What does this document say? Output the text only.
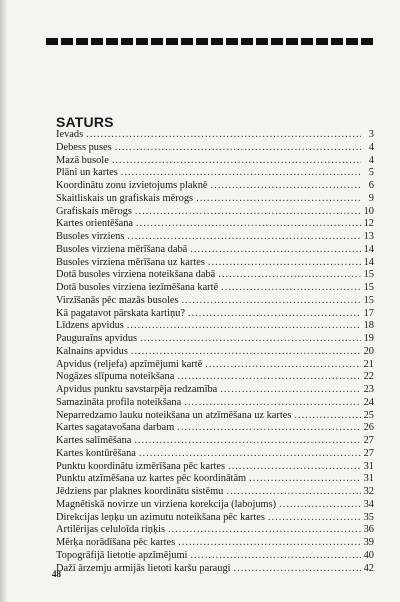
SATURS
Ievads .....	3
Debess puses .....	4
Mazā busole .....	4
Plāni un kartes .....	5
Koordinātu zonu izvietojums plaknē .....	6
Skaitliskais un grafiskais mērogs .....	9
Grafiskais mērogs .....	10
Kartes orientēšana .....	12
Busoles virziens .....	13
Busoles virziena mērīšana dabā .....	14
Busoles virziena mērīšana uz kartes .....	14
Dotā busoles virziena noteikšana dabā .....	15
Dotā busoles virziena iezīmēšana kartē .....	15
Virzīšanās pēc mazās busoles .....	15
Kā pagatavot pārskata kartiņu? .....	17
Līdzens apvidus .....	18
Pauguraīns apvidus .....	19
Kalnains apvidus .....	20
Apvidus (reljefa) apzīmējumi kartē .....	21
Nogāzes slīpuma noteikšana .....	22
Apvidus punktu savstarpēja redzamība .....	23
Samazināta profila noteikšana .....	24
Neparredzamo lauku noteikšana un atzīmēšana uz kartes .....	25
Kartes sagatavošana darbam .....	26
Kartes salīmēšana .....	27
Kartes kontūrēšana .....	27
Punktu koordinātu izmērīšana pēc kartes .....	31
Punktu atzīmēšana uz kartes pēc koordinātām .....	31
Jēdziens par plaknes koordinātu sistēmu .....	32
Magnētiskā novirze un virziena korekcija (labojums) .....	34
Direkcijas leņķu un azimutu noteikšana pēc kartes .....	35
Artilērijas celuloīda riņķis .....	36
Mērķa norādīšana pēc kartes .....	39
Topogrāfijā lietotie apzīmējumi .....	40
Dažī ārzemju armijās lietoti karšu paraugi .....	42
48
